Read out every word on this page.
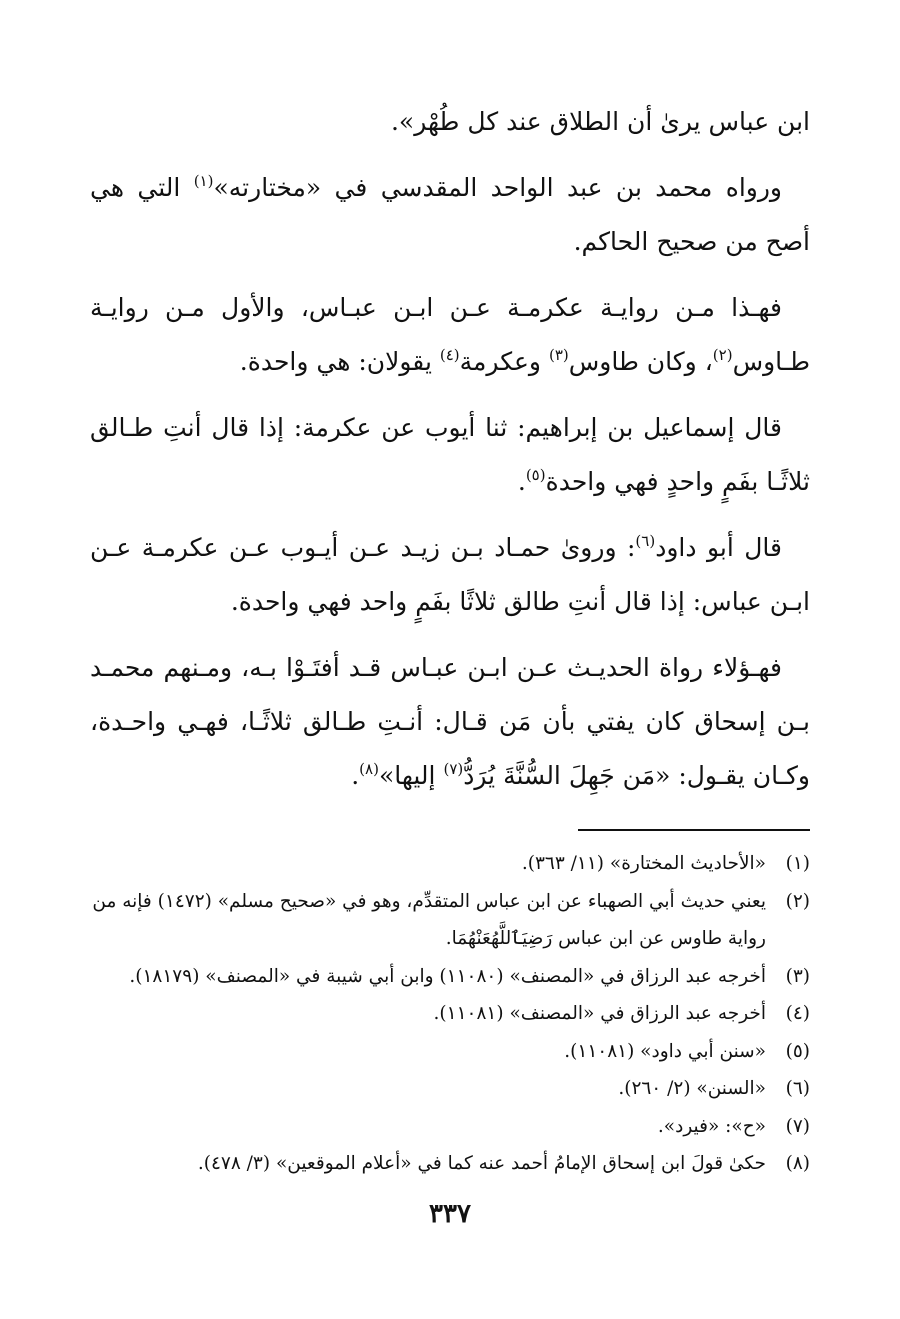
ابن عباس يرىٰ أن الطلاق عند كل طُهْر».

ورواه محمد بن عبد الواحد المقدسي في «مختارته»$^{(١)}$ التي هي أصح من صحيح الحاكم.

فهـذا مـن روايـة عكرمـة عـن ابـن عبـاس، والأول مـن روايـة طـاوس$^{(٢)}$، وكان طاوس$^{(٣)}$ وعكرمة$^{(٤)}$ يقولان: هي واحدة.

قال إسماعيل بن إبراهيم: ثنا أيوب عن عكرمة: إذا قال أنتِ طـالق ثلاثًـا بفَمٍ واحدٍ فهي واحدة$^{(٥)}$.

قال أبو داود$^{(٦)}$: وروىٰ حمـاد بـن زيـد عـن أيـوب عـن عكرمـة عـن ابـن عباس: إذا قال أنتِ طالق ثلاثًا بفَمٍ واحد فهي واحدة.

فهـؤلاء رواة الحديـث عـن ابـن عبـاس قـد أفتَـوْا بـه، ومـنهم محمـد بـن إسحاق كان يفتي بأن مَن قـال: أنـتِ طـالق ثلاثًـا، فهـي واحـدة، وكـان يقـول: «مَن جَهِلَ السُّنَّةَ يُرَدُّ$^{(٧)}$ إليها»$^{(٨)}$.

(١)
«الأحاديث المختارة» (١١/ ٣٦٣).
(٢)
يعني حديث أبي الصهباء عن ابن عباس المتقدِّم، وهو في «صحيح مسلم» (١٤٧٢) فإنه من رواية طاوس عن ابن عباس رَضِيَٱللَّهُعَنْهُمَا.
(٣)
أخرجه عبد الرزاق في «المصنف» (١١٠٨٠) وابن أبي شيبة في «المصنف» (١٨١٧٩).
(٤)
أخرجه عبد الرزاق في «المصنف» (١١٠٨١).
(٥)
«سنن أبي داود» (١١٠٨١).
(٦)
«السنن» (٢/ ٢٦٠).
(٧)
«ح»: «فيرد».
(٨)
حكىٰ قولَ ابن إسحاق الإمامُ أحمد عنه كما في «أعلام الموقعين» (٣/ ٤٧٨).
٣٣٧
